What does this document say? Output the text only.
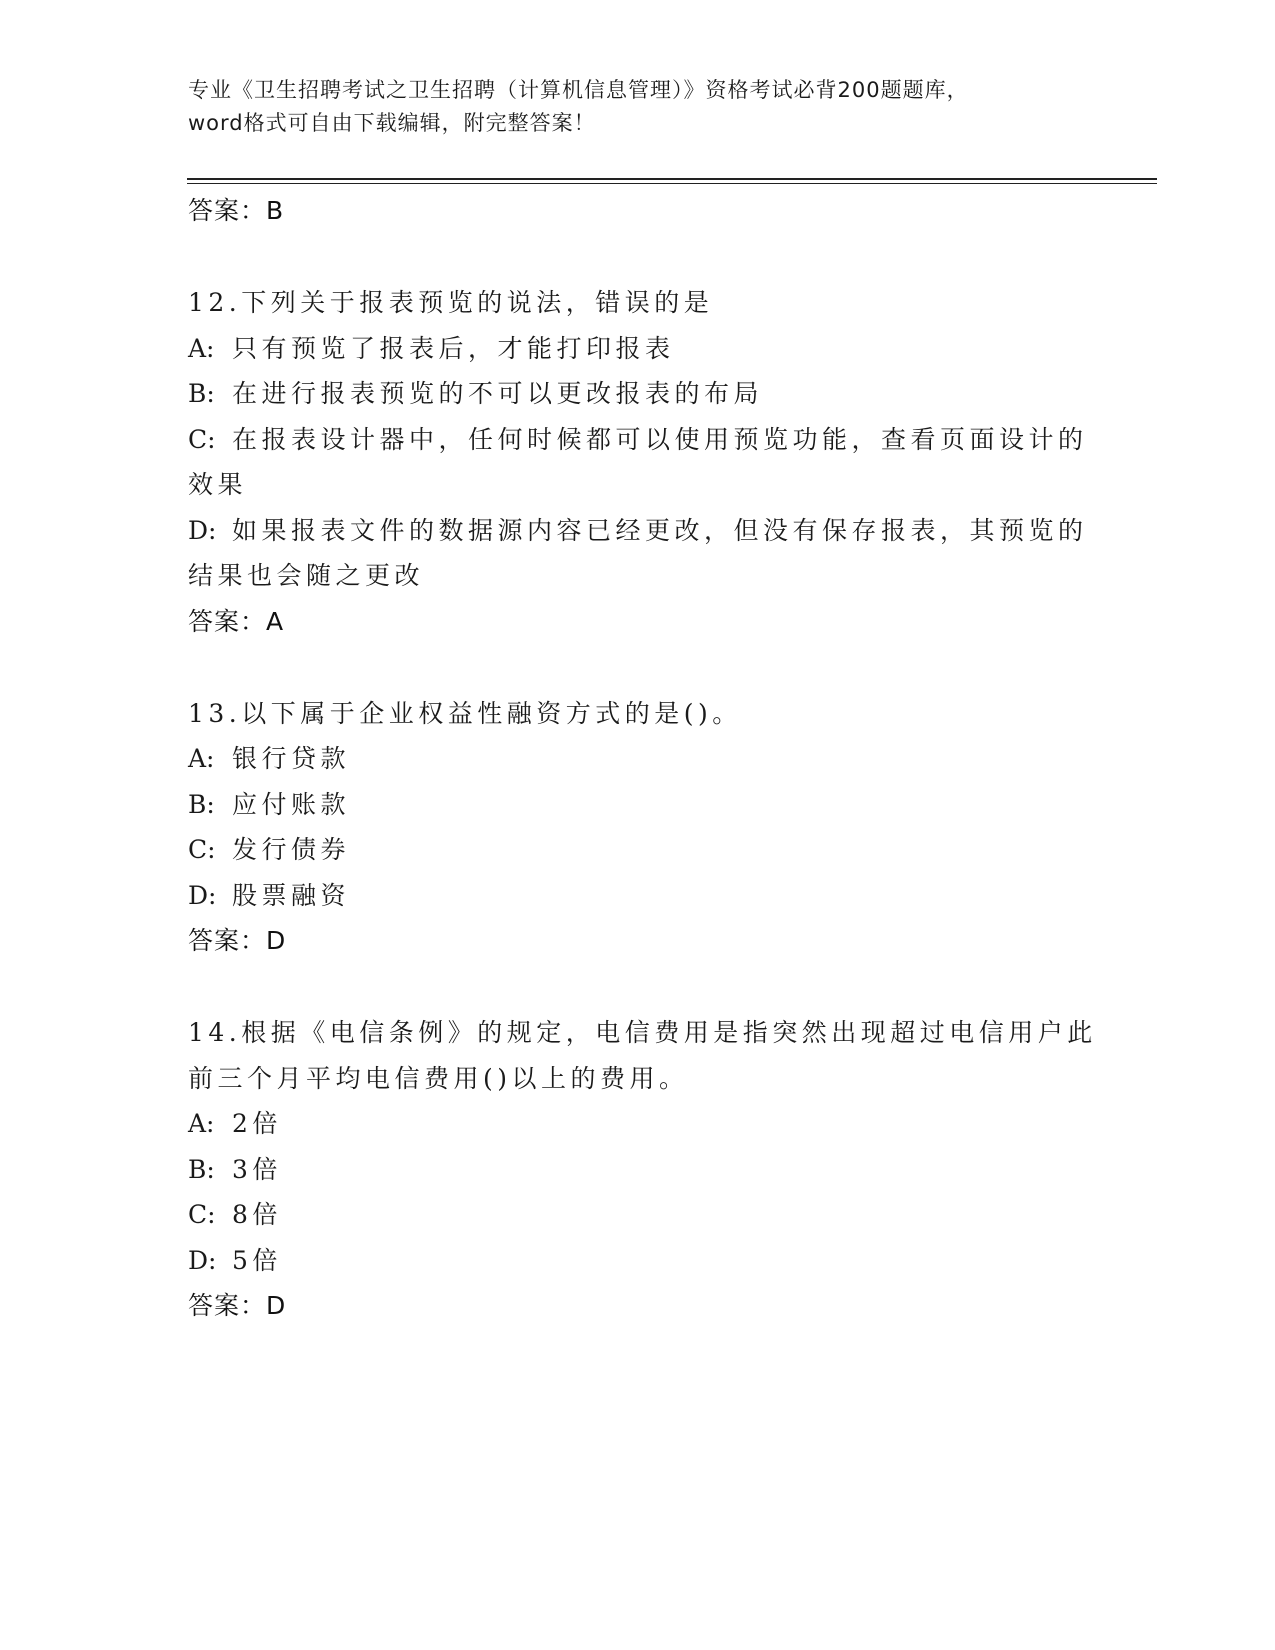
专业《卫生招聘考试之卫生招聘（计算机信息管理）》资格考试必背200题题库，
word格式可自由下载编辑，附完整答案！
答案：B
12.下列关于报表预览的说法，错误的是
A: 只有预览了报表后，才能打印报表
B: 在进行报表预览的不可以更改报表的布局
C: 在报表设计器中，任何时候都可以使用预览功能，查看页面设计的
效果
D: 如果报表文件的数据源内容已经更改，但没有保存报表，其预览的
结果也会随之更改
答案：A
13.以下属于企业权益性融资方式的是()。
A: 银行贷款
B: 应付账款
C: 发行债券
D: 股票融资
答案：D
14.根据《电信条例》的规定，电信费用是指突然出现超过电信用户此
前三个月平均电信费用()以上的费用。
A: 2倍
B: 3倍
C: 8倍
D: 5倍
答案：D
